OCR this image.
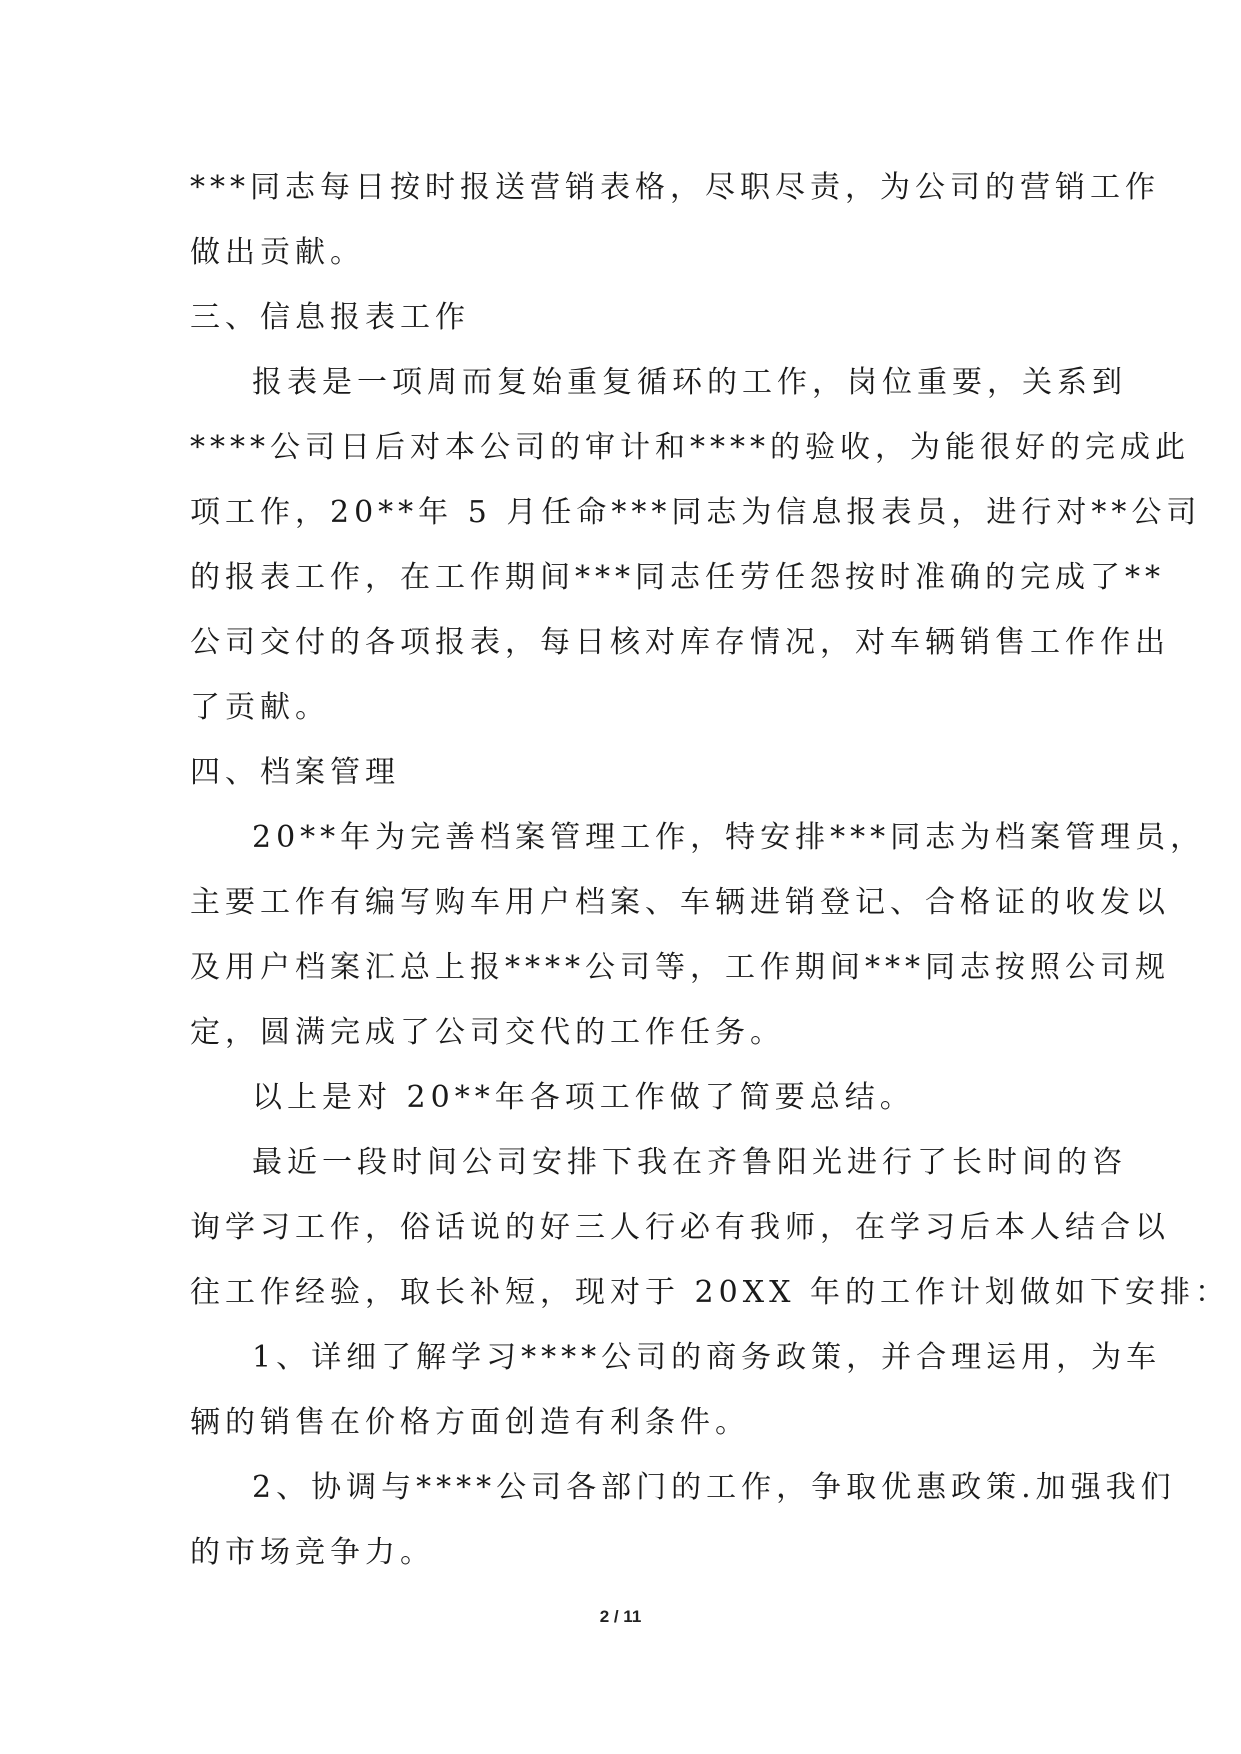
***同志每日按时报送营销表格，尽职尽责，为公司的营销工作
做出贡献。
三、信息报表工作
报表是一项周而复始重复循环的工作，岗位重要，关系到
****公司日后对本公司的审计和****的验收，为能很好的完成此
项工作，20**年 5 月任命***同志为信息报表员，进行对**公司
的报表工作，在工作期间***同志任劳任怨按时准确的完成了**
公司交付的各项报表，每日核对库存情况，对车辆销售工作作出
了贡献。
四、档案管理
20**年为完善档案管理工作，特安排***同志为档案管理员，
主要工作有编写购车用户档案、车辆进销登记、合格证的收发以
及用户档案汇总上报****公司等，工作期间***同志按照公司规
定，圆满完成了公司交代的工作任务。
以上是对 20**年各项工作做了简要总结。
最近一段时间公司安排下我在齐鲁阳光进行了长时间的咨
询学习工作，俗话说的好三人行必有我师，在学习后本人结合以
往工作经验，取长补短，现对于 20XX 年的工作计划做如下安排：
1、详细了解学习****公司的商务政策，并合理运用，为车
辆的销售在价格方面创造有利条件。
2、协调与****公司各部门的工作，争取优惠政策.加强我们
的市场竞争力。
2 / 11
